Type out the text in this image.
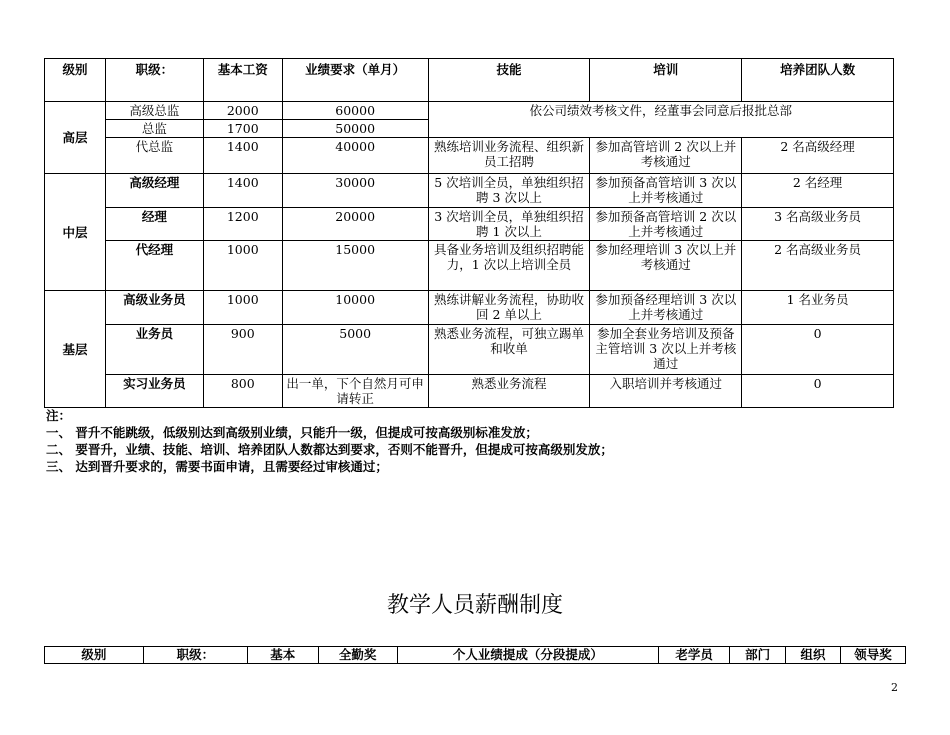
级别	职级：	基本工资	业绩要求（单月）	技能	培训	培养团队人数
高层	高级总监	2000	60000	依公司绩效考核文件，经董事会同意后报批总部		
	总监	1700	50000			
	代总监	1400	40000	熟练培训业务流程、组织新员工招聘	参加高管培训 2 次以上并考核通过	2 名高级经理
中层	高级经理	1400	30000	5 次培训全员，单独组织招聘 3 次以上	参加预备高管培训 3 次以上并考核通过	2 名经理
	经理	1200	20000	3 次培训全员，单独组织招聘 1 次以上	参加预备高管培训 2 次以上并考核通过	3 名高级业务员
	代经理	1000	15000	具备业务培训及组织招聘能力，1 次以上培训全员	参加经理培训 3 次以上并考核通过	2 名高级业务员
基层	高级业务员	1000	10000	熟练讲解业务流程，协助收回 2 单以上	参加预备经理培训 3 次以上并考核通过	1 名业务员
	业务员	900	5000	熟悉业务流程，可独立踢单和收单	参加全套业务培训及预备主管培训 3 次以上并考核通过	0
	实习业务员	800	出一单，下个自然月可申请转正	熟悉业务流程	入职培训并考核通过	0
注：
一、 晋升不能跳级，低级别达到高级别业绩，只能升一级，但提成可按高级别标准发放；
二、 要晋升，业绩、技能、培训、培养团队人数都达到要求，否则不能晋升，但提成可按高级别发放；
三、 达到晋升要求的，需要书面申请，且需要经过审核通过；
教学人员薪酬制度
级别	职级：	基本	全勤奖	个人业绩提成（分段提成）	老学员	部门	组织	领导奖
2
